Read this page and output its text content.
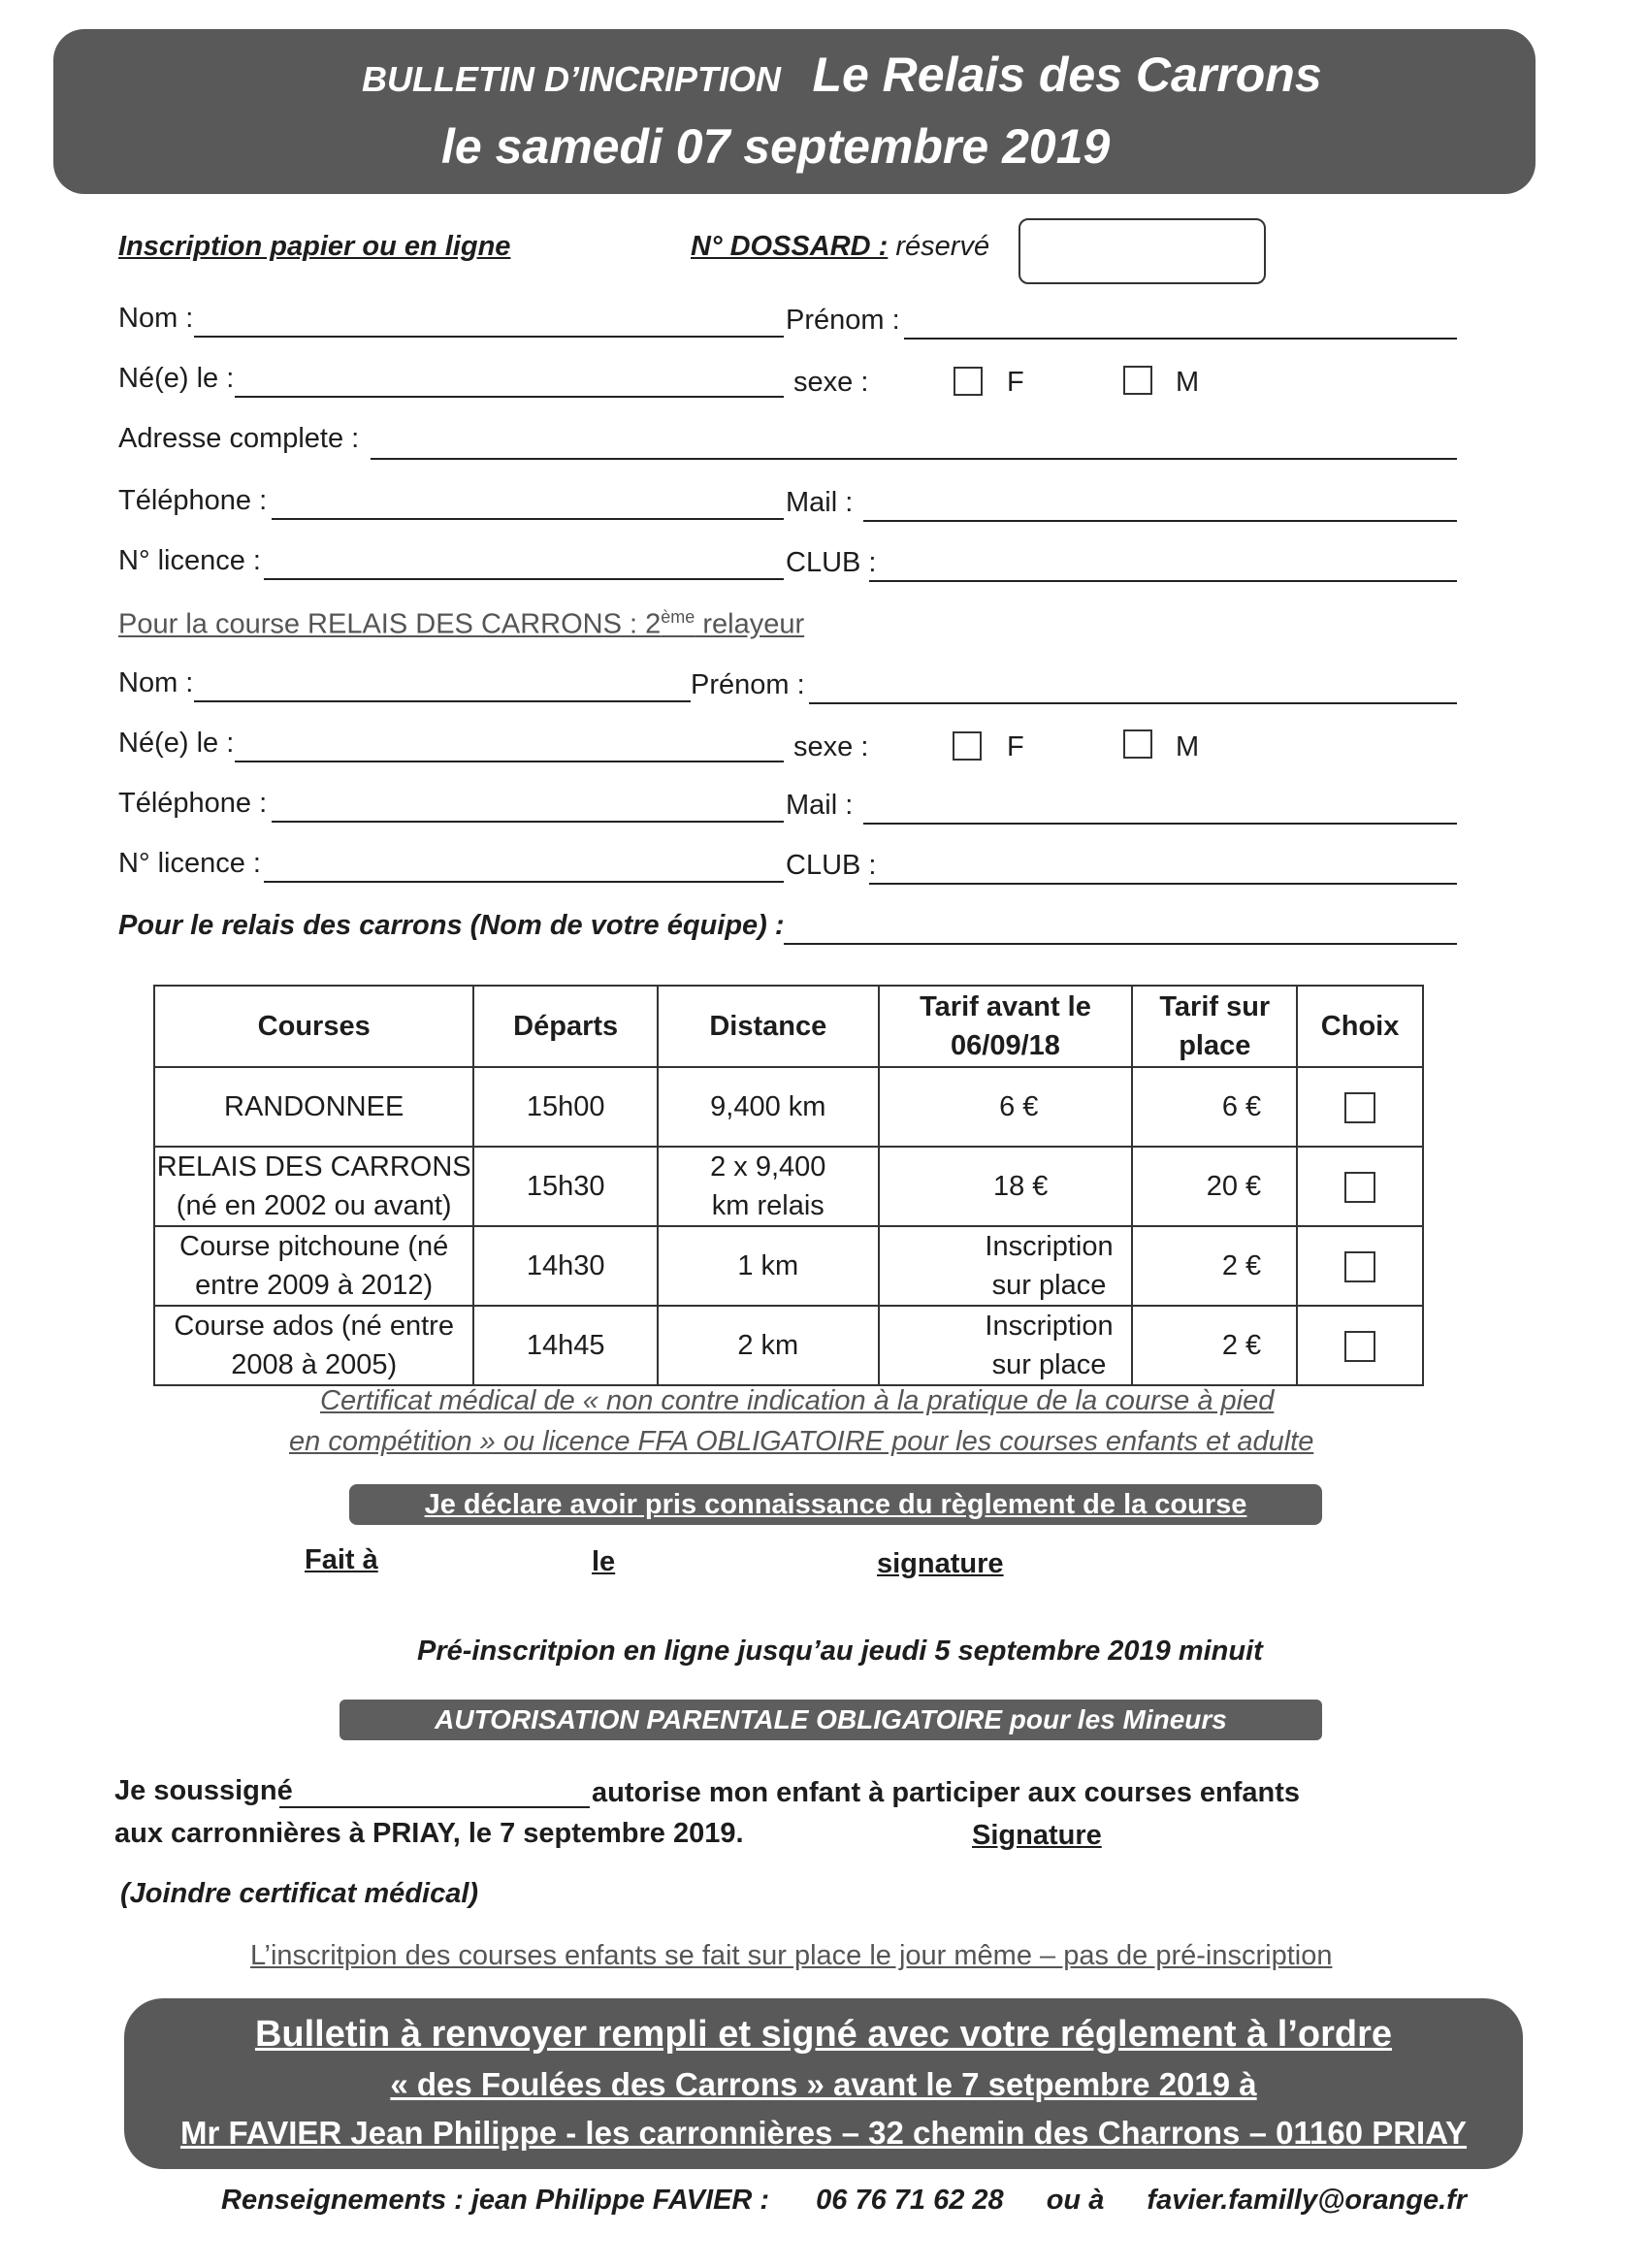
BULLETIN D’INCRIPTION Le Relais des Carrons
le samedi 07 septembre 2019
Inscription papier ou en ligne	N° DOSSARD : réservé
Nom :	Prénom :
Né(e) le :	sexe :	F	M
Adresse complete :
Téléphone :	Mail :
N° licence :	CLUB :
Pour la course RELAIS DES CARRONS : 2ème relayeur
Nom :	Prénom :
Né(e) le :	sexe :	F	M
Téléphone :	Mail :
N° licence :	CLUB :
Pour le relais des carrons (Nom de votre équipe) :
Courses	Départs	Distance	Tarif avant le 06/09/18	Tarif sur place	Choix
RANDONNEE	15h00	9,400 km	6 €	6 €	
RELAIS DES CARRONS (né en 2002 ou avant)	15h30	2 x 9,400 km relais	18 €	20 €	
Course pitchoune (né entre 2009 à 2012)	14h30	1 km	Inscription sur place	2 €	
Course ados (né entre 2008 à 2005)	14h45	2 km	Inscription sur place	2 €	
Certificat médical de « non contre indication à la pratique de la course à pied
en compétition » ou licence FFA OBLIGATOIRE pour les courses enfants et adulte
Je déclare avoir pris connaissance du règlement de la course
Fait à	le	signature
Pré-inscritpion en ligne jusqu’au jeudi 5 septembre 2019 minuit
AUTORISATION PARENTALE OBLIGATOIRE pour les Mineurs
Je soussigné	autorise mon enfant à participer aux courses enfants
aux carronnières à PRIAY, le 7 septembre 2019.	Signature
(Joindre certificat médical)
L’inscritpion des courses enfants se fait sur place le jour même – pas de pré-inscription
Bulletin à renvoyer rempli et signé avec votre réglement à l’ordre
« des Foulées des Carrons » avant le 7 setpembre 2019 à
Mr FAVIER Jean Philippe - les carronnières – 32 chemin des Charrons – 01160 PRIAY
Renseignements : jean Philippe FAVIER : 06 76 71 62 28 ou à favier.familly@orange.fr
